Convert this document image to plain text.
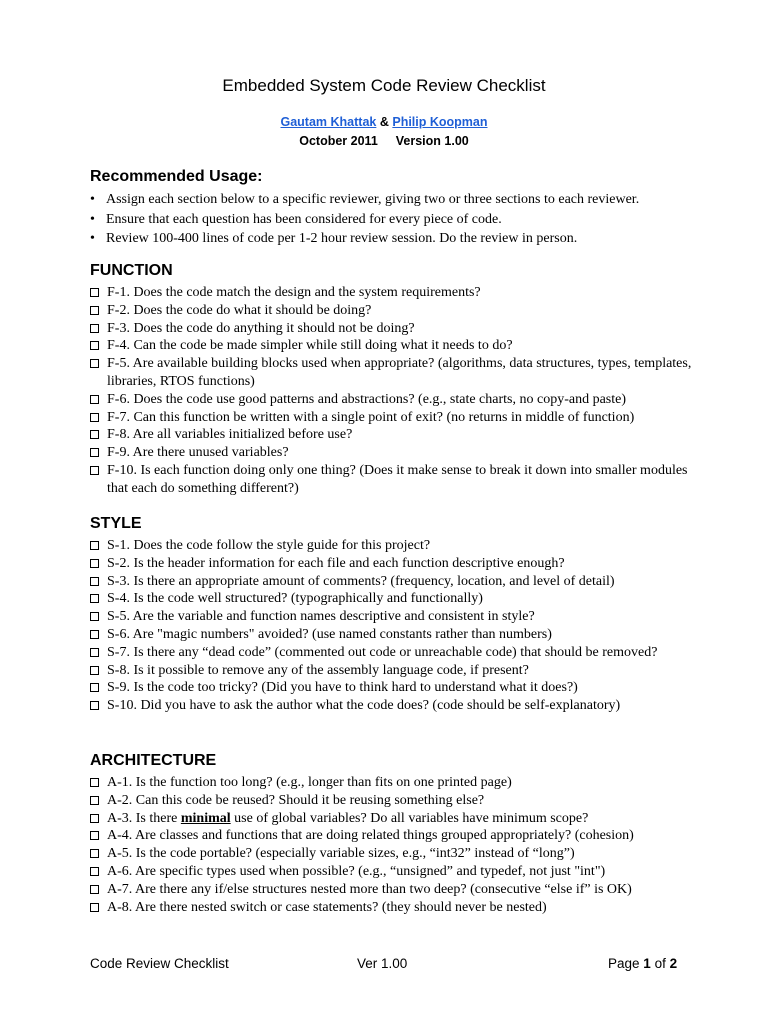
Embedded System Code Review Checklist
Gautam Khattak & Philip Koopman
October 2011 Version 1.00
Recommended Usage:
• Assign each section below to a specific reviewer, giving two or three sections to each reviewer.
• Ensure that each question has been considered for every piece of code.
• Review 100-400 lines of code per 1-2 hour review session. Do the review in person.
FUNCTION
F-1. Does the code match the design and the system requirements?
F-2. Does the code do what it should be doing?
F-3. Does the code do anything it should not be doing?
F-4. Can the code be made simpler while still doing what it needs to do?
F-5. Are available building blocks used when appropriate? (algorithms, data structures, types, templates, libraries, RTOS functions)
F-6. Does the code use good patterns and abstractions? (e.g., state charts, no copy-and paste)
F-7. Can this function be written with a single point of exit? (no returns in middle of function)
F-8. Are all variables initialized before use?
F-9. Are there unused variables?
F-10. Is each function doing only one thing? (Does it make sense to break it down into smaller modules that each do something different?)
STYLE
S-1. Does the code follow the style guide for this project?
S-2. Is the header information for each file and each function descriptive enough?
S-3. Is there an appropriate amount of comments? (frequency, location, and level of detail)
S-4. Is the code well structured? (typographically and functionally)
S-5. Are the variable and function names descriptive and consistent in style?
S-6. Are "magic numbers" avoided? (use named constants rather than numbers)
S-7. Is there any “dead code” (commented out code or unreachable code) that should be removed?
S-8. Is it possible to remove any of the assembly language code, if present?
S-9. Is the code too tricky? (Did you have to think hard to understand what it does?)
S-10. Did you have to ask the author what the code does? (code should be self-explanatory)
ARCHITECTURE
A-1. Is the function too long? (e.g., longer than fits on one printed page)
A-2. Can this code be reused? Should it be reusing something else?
A-3. Is there minimal use of global variables? Do all variables have minimum scope?
A-4. Are classes and functions that are doing related things grouped appropriately? (cohesion)
A-5. Is the code portable? (especially variable sizes, e.g., “int32” instead of “long”)
A-6. Are specific types used when possible? (e.g., “unsigned” and typedef, not just "int")
A-7. Are there any if/else structures nested more than two deep? (consecutive “else if” is OK)
A-8. Are there nested switch or case statements? (they should never be nested)
Code Review Checklist	Ver 1.00	Page 1 of 2
